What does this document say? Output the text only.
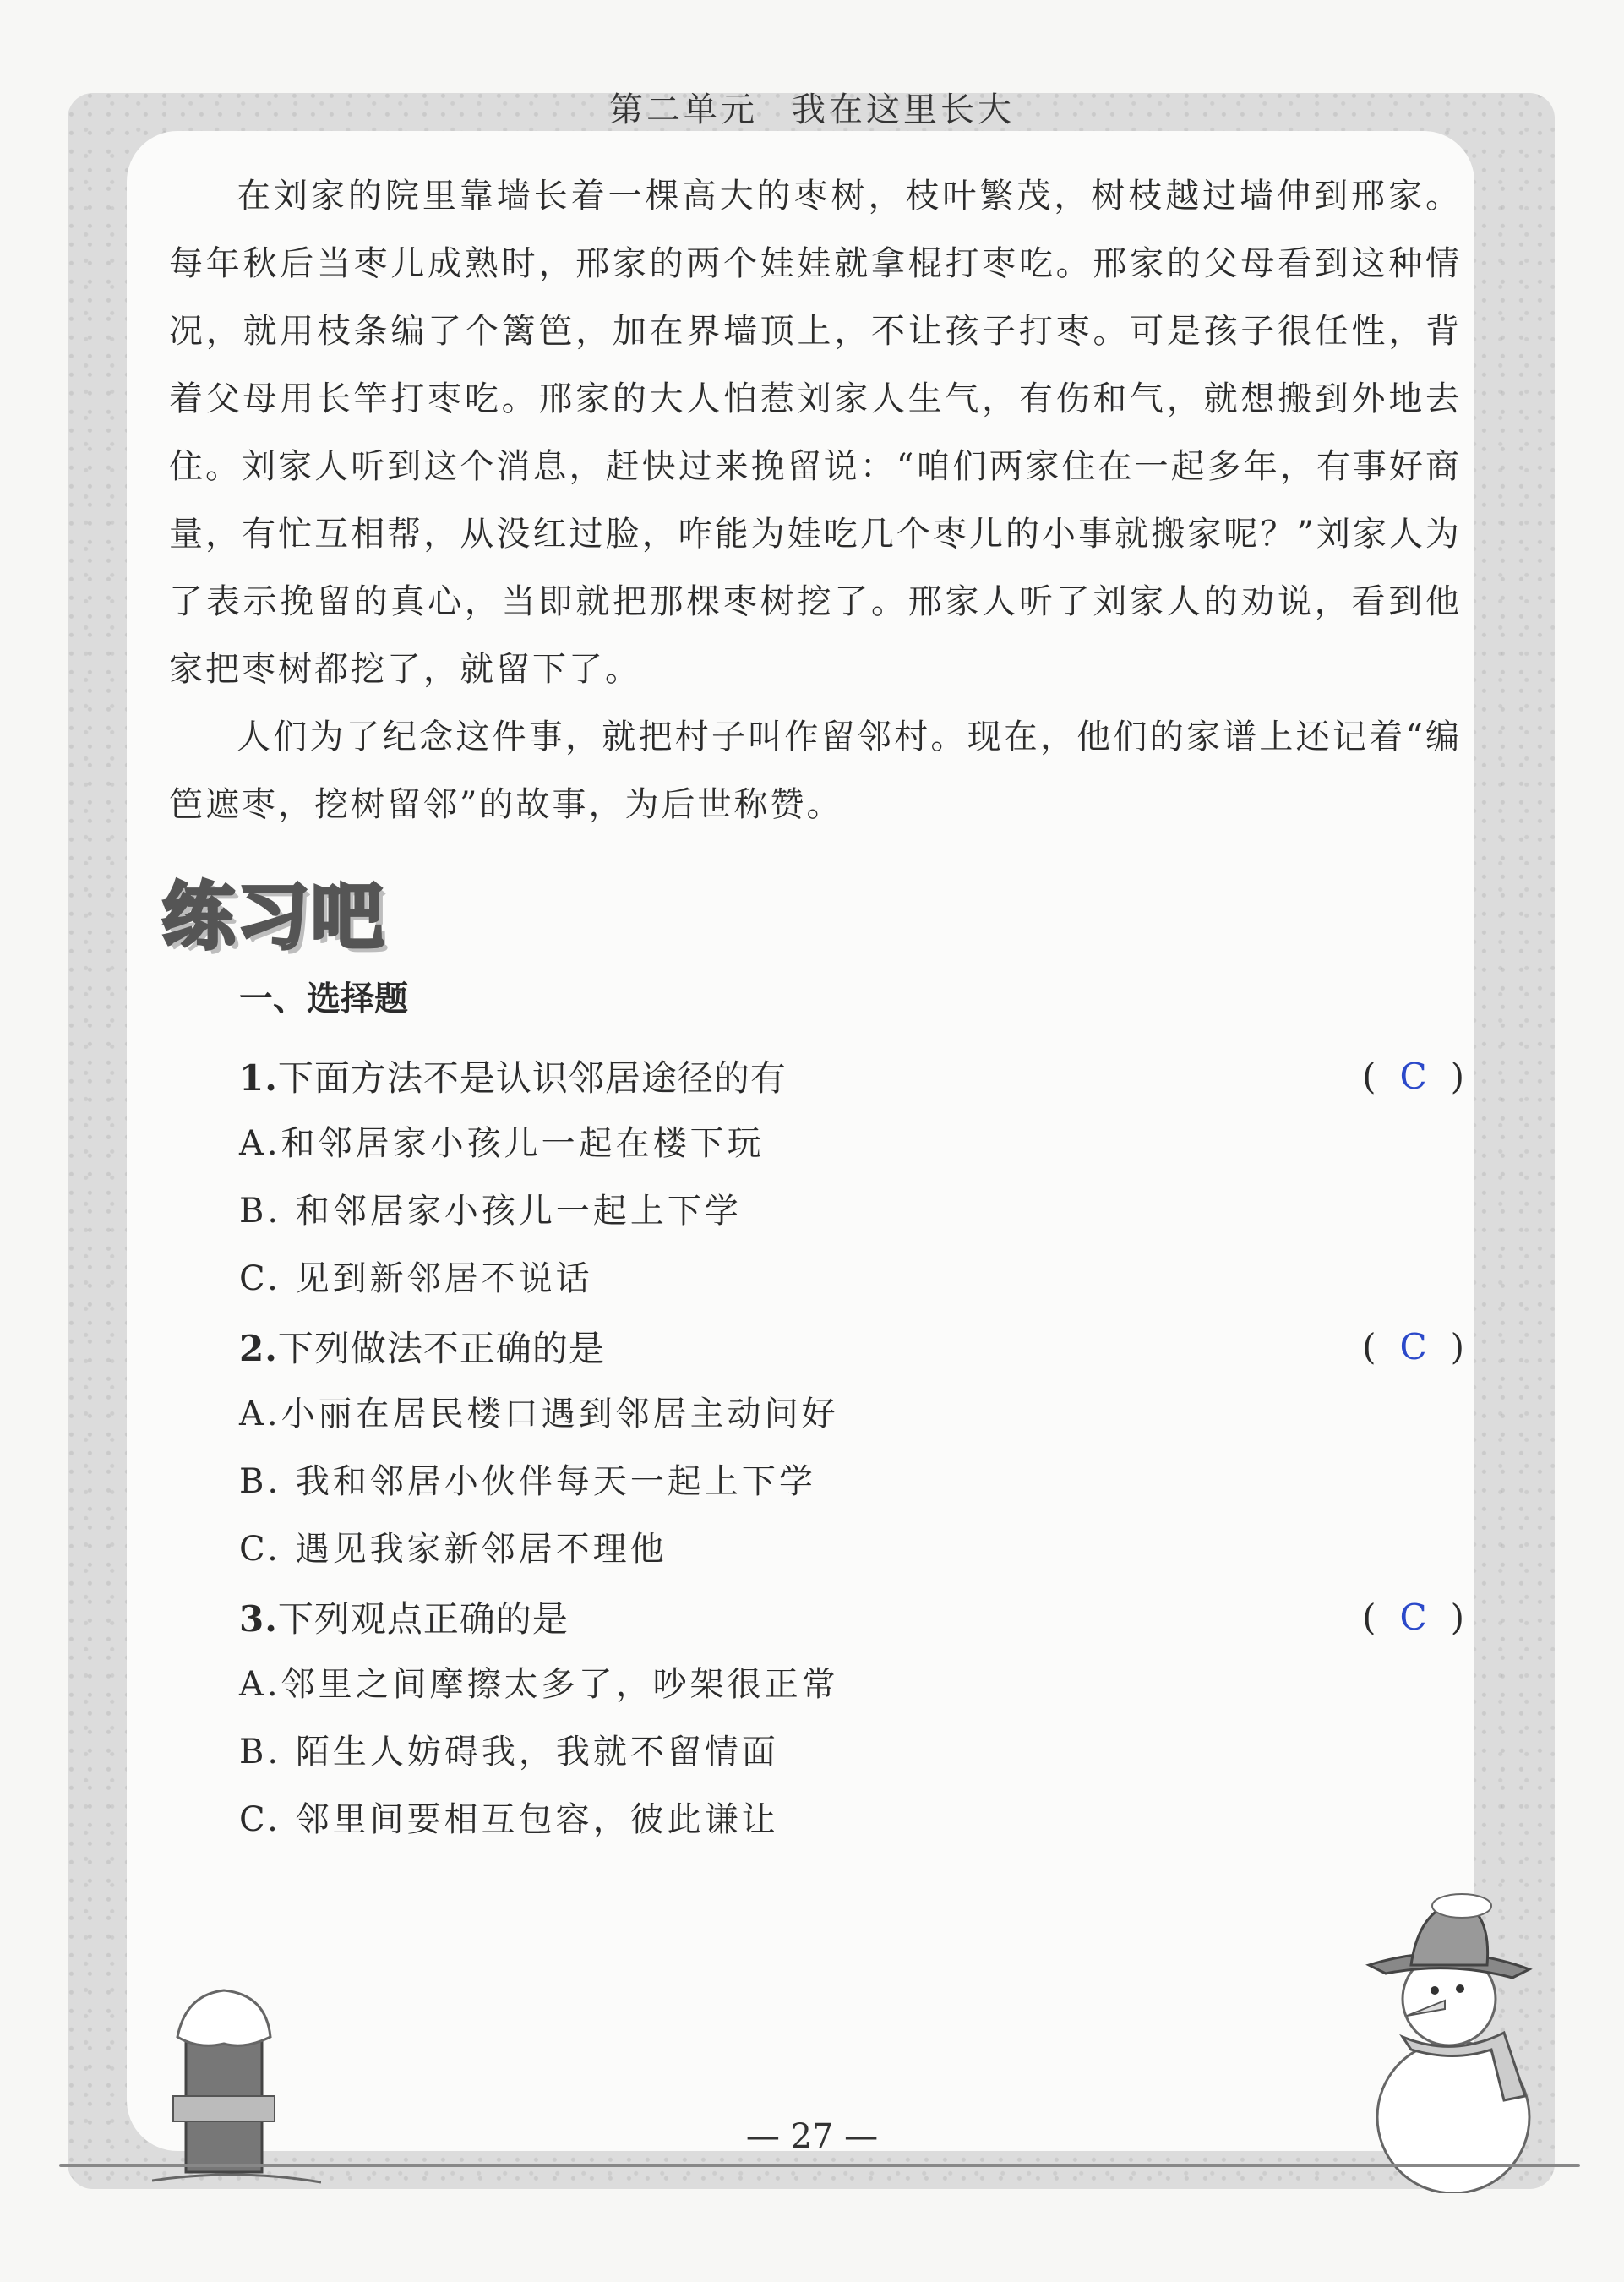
第二单元 我在这里长大

在刘家的院里靠墙长着一棵高大的枣树，枝叶繁茂，树枝越过墙伸到邢家。每年秋后当枣儿成熟时，邢家的两个娃娃就拿棍打枣吃。邢家的父母看到这种情况，就用枝条编了个篱笆，加在界墙顶上，不让孩子打枣。可是孩子很任性，背着父母用长竿打枣吃。邢家的大人怕惹刘家人生气，有伤和气，就想搬到外地去住。刘家人听到这个消息，赶快过来挽留说：“咱们两家住在一起多年，有事好商量，有忙互相帮，从没红过脸，咋能为娃吃几个枣儿的小事就搬家呢？”刘家人为了表示挽留的真心，当即就把那棵枣树挖了。邢家人听了刘家人的劝说，看到他家把枣树都挖了，就留下了。

人们为了纪念这件事，就把村子叫作留邻村。现在，他们的家谱上还记着“编笆遮枣，挖树留邻”的故事，为后世称赞。

练习吧
一、选择题
1.下面方法不是认识邻居途径的有	( C )
A.和邻居家小孩儿一起在楼下玩
B. 和邻居家小孩儿一起上下学
C. 见到新邻居不说话
2.下列做法不正确的是	( C )
A.小丽在居民楼口遇到邻居主动问好
B. 我和邻居小伙伴每天一起上下学
C. 遇见我家新邻居不理他
3.下列观点正确的是	( C )
A.邻里之间摩擦太多了，吵架很正常
B. 陌生人妨碍我，我就不留情面
C. 邻里间要相互包容，彼此谦让
— 27 —
